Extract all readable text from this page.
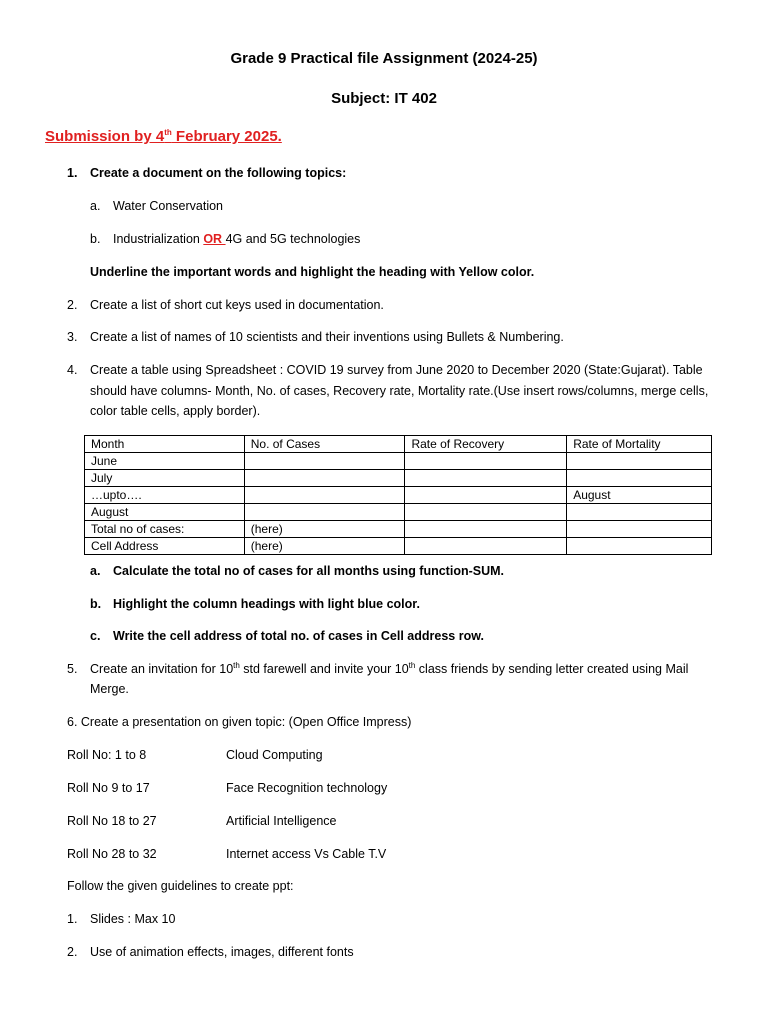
Grade 9 Practical file Assignment (2024-25)
Subject: IT 402
Submission by 4th February 2025.
1. Create a document on the following topics:
a. Water Conservation
b. Industrialization OR 4G and 5G technologies
Underline the important words and highlight the heading with Yellow color.
2. Create a list of short cut keys used in documentation.
3. Create a list of names of 10 scientists and their inventions using Bullets & Numbering.
4. Create a table using Spreadsheet : COVID 19 survey from June 2020 to December 2020 (State:Gujarat). Table
should have columns- Month, No. of cases, Recovery rate, Mortality rate.(Use insert rows/columns, merge cells,
color table cells, apply border).
Month	No. of Cases	Rate of Recovery	Rate of Mortality
June			
July			
…upto….			August
August			
Total no of cases:	(here)		
Cell Address	(here)		
a. Calculate the total no of cases for all months using function-SUM.
b. Highlight the column headings with light blue color.
c. Write the cell address of total no. of cases in Cell address row.
5. Create an invitation for 10th std farewell and invite your 10th class friends by sending letter created using Mail
Merge.
6. Create a presentation on given topic: (Open Office Impress)
Roll No: 1 to 8	Cloud Computing
Roll No 9 to 17	Face Recognition technology
Roll No 18 to 27	Artificial Intelligence
Roll No 28 to 32	Internet access Vs Cable T.V
Follow the given guidelines to create ppt:
1. Slides : Max 10
2. Use of animation effects, images, different fonts
